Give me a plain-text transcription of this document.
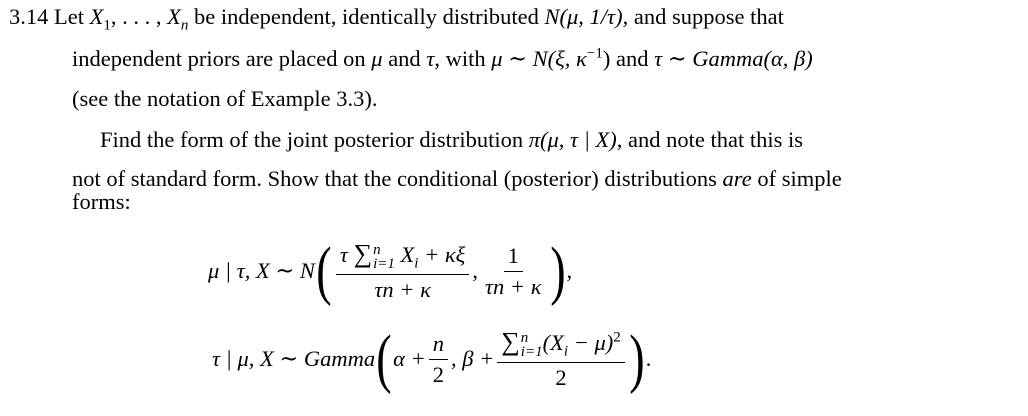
3.14 Let $X_1$, . . . , $X_n$ be independent, identically distributed N(μ, 1/τ), and suppose that
independent priors are placed on μ and τ, with μ ∼ N(ξ, $\kappa^{-1}$) and τ ∼ Gamma(α, β)
(see the notation of Example 3.3).
Find the form of the joint posterior distribution π(μ, τ | X), and note that this is
not of standard form. Show that the conditional (posterior) distributions are of simple
forms:
μ | τ, X ∼ N ( τ ∑ n
i=1 $X_i + \kappa\xi$
τn + κ , $\frac{1}{\tau n + \kappa}$ ) ,
τ | μ, X ∼ Gamma ( $\alpha + \frac{n}{2}$ , β + ∑ n
i=1 $(X_i - \mu)^2$
2 ) .
